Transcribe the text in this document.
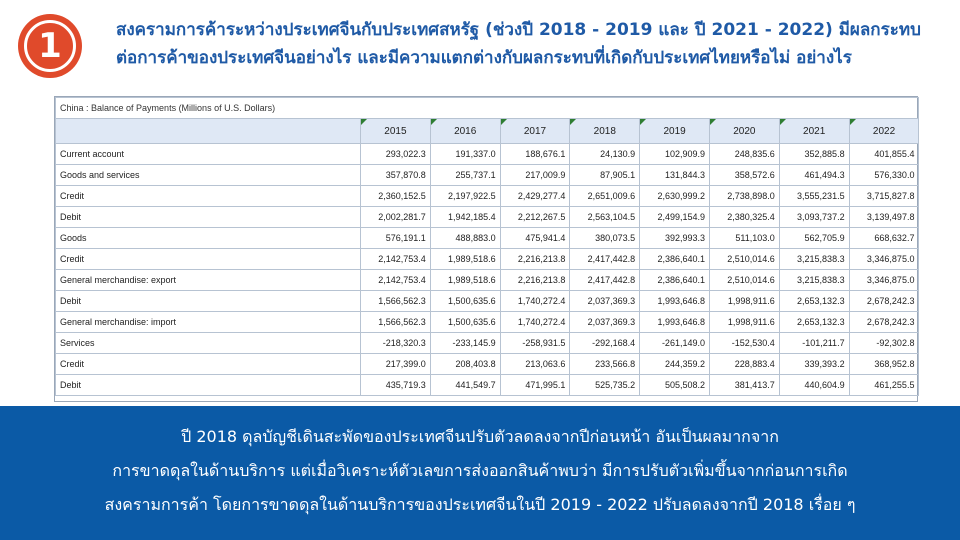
1	สงครามการค้าระหว่างประเทศจีนกับประเทศสหรัฐ (ช่วงปี 2018 - 2019 และ ปี 2021 - 2022) มีผลกระทบ
ต่อการค้าของประเทศจีนอย่างไร และมีความแตกต่างกับผลกระทบที่เกิดกับประเทศไทยหรือไม่ อย่างไร
China : Balance of Payments (Millions of U.S. Dollars)								

2015	2016	2017	2018	2019	2020	2021	2022
Current account	293,022.3	191,337.0	188,676.1	24,130.9	102,909.9	248,835.6	352,885.8	401,855.4
Goods and services	357,870.8	255,737.1	217,009.9	87,905.1	131,844.3	358,572.6	461,494.3	576,330.0
Credit	2,360,152.5	2,197,922.5	2,429,277.4	2,651,009.6	2,630,999.2	2,738,898.0	3,555,231.5	3,715,827.8
Debit	2,002,281.7	1,942,185.4	2,212,267.5	2,563,104.5	2,499,154.9	2,380,325.4	3,093,737.2	3,139,497.8
Goods	576,191.1	488,883.0	475,941.4	380,073.5	392,993.3	511,103.0	562,705.9	668,632.7
Credit	2,142,753.4	1,989,518.6	2,216,213.8	2,417,442.8	2,386,640.1	2,510,014.6	3,215,838.3	3,346,875.0
General merchandise: export	2,142,753.4	1,989,518.6	2,216,213.8	2,417,442.8	2,386,640.1	2,510,014.6	3,215,838.3	3,346,875.0
Debit	1,566,562.3	1,500,635.6	1,740,272.4	2,037,369.3	1,993,646.8	1,998,911.6	2,653,132.3	2,678,242.3
General merchandise: import	1,566,562.3	1,500,635.6	1,740,272.4	2,037,369.3	1,993,646.8	1,998,911.6	2,653,132.3	2,678,242.3
Services	-218,320.3	-233,145.9	-258,931.5	-292,168.4	-261,149.0	-152,530.4	-101,211.7	-92,302.8
Credit	217,399.0	208,403.8	213,063.6	233,566.8	244,359.2	228,883.4	339,393.2	368,952.8
Debit	435,719.3	441,549.7	471,995.1	525,735.2	505,508.2	381,413.7	440,604.9	461,255.5

ปี 2018 ดุลบัญชีเดินสะพัดของประเทศจีนปรับตัวลดลงจากปีก่อนหน้า อันเป็นผลมากจาก

การขาดดุลในด้านบริการ แต่เมื่อวิเคราะห์ตัวเลขการส่งออกสินค้าพบว่า มีการปรับตัวเพิ่มขึ้นจากก่อนการเกิด

สงครามการค้า โดยการขาดดุลในด้านบริการของประเทศจีนในปี 2019 - 2022 ปรับลดลงจากปี 2018 เรื่อย ๆ
